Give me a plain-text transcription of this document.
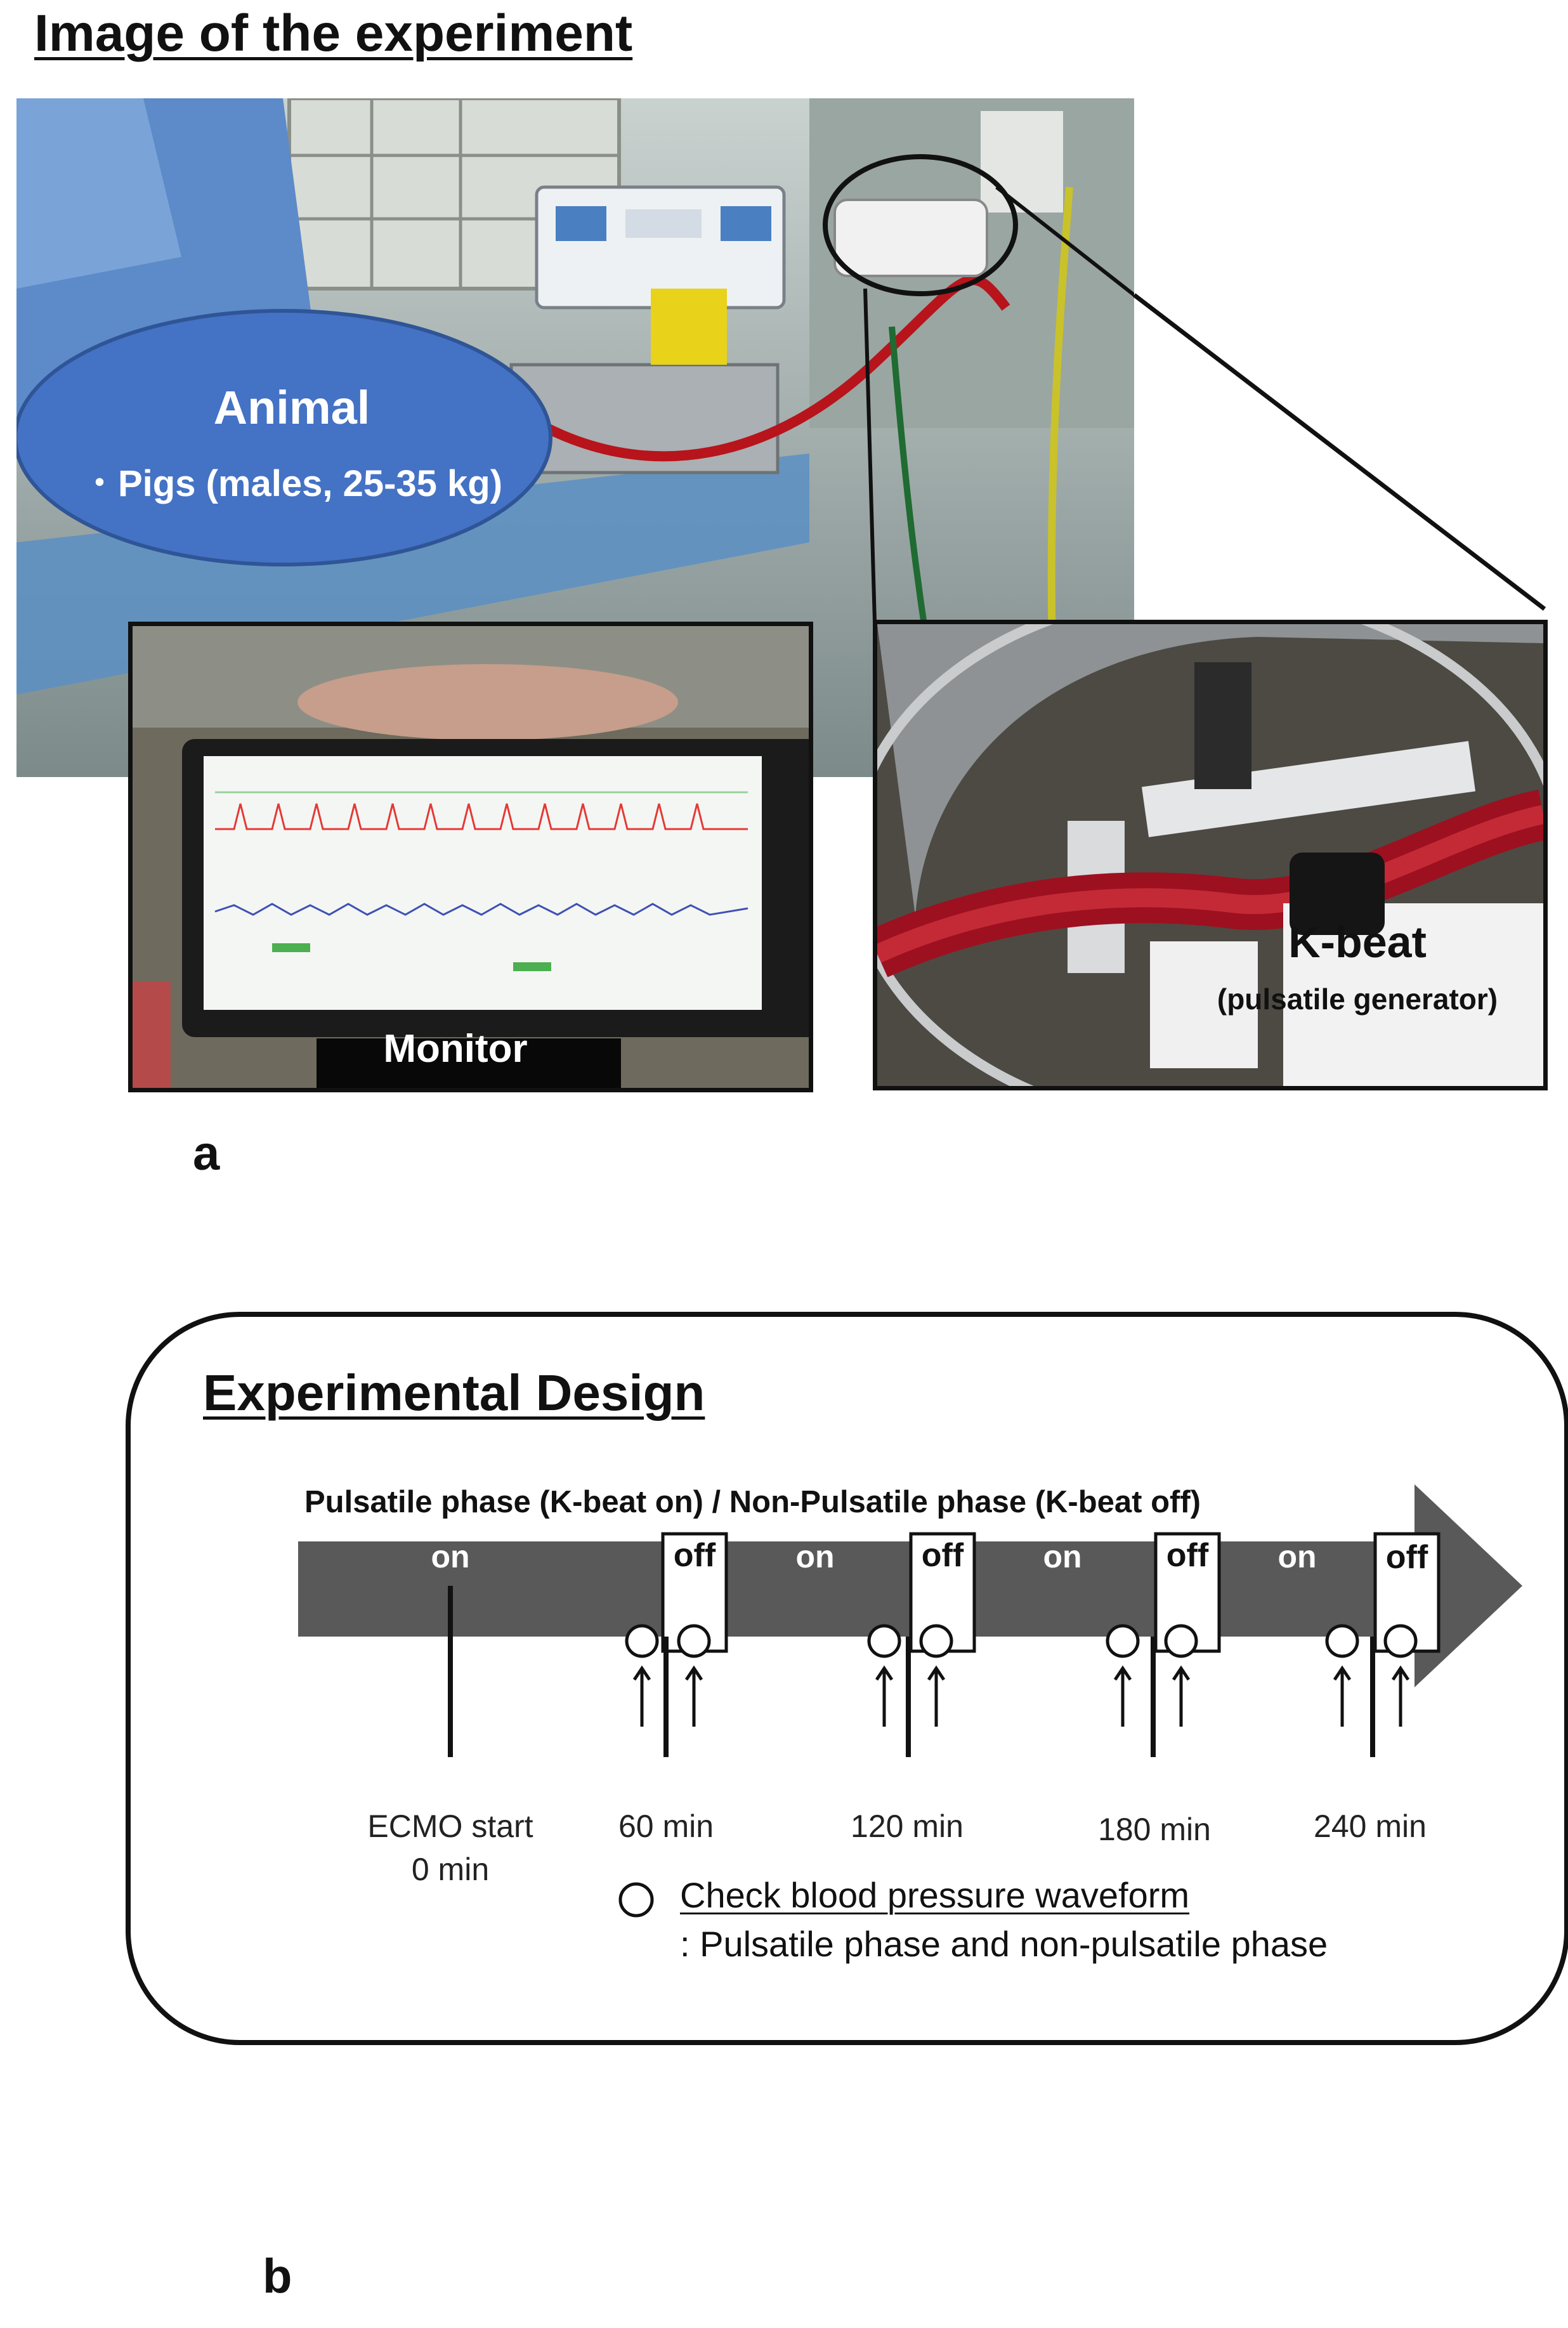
Image of the experiment
Animal
・Pigs (males, 25-35 kg)
Monitor
K-beat
(pulsatile generator)
a
Experimental Design
Pulsatile phase (K-beat on) / Non-Pulsatile phase (K-beat off)
on	off	on	off	on	off	on	off
ECMO start
0 min
60 min	120 min	180 min	240 min
Check blood pressure waveform
: Pulsatile phase and non-pulsatile phase
b
